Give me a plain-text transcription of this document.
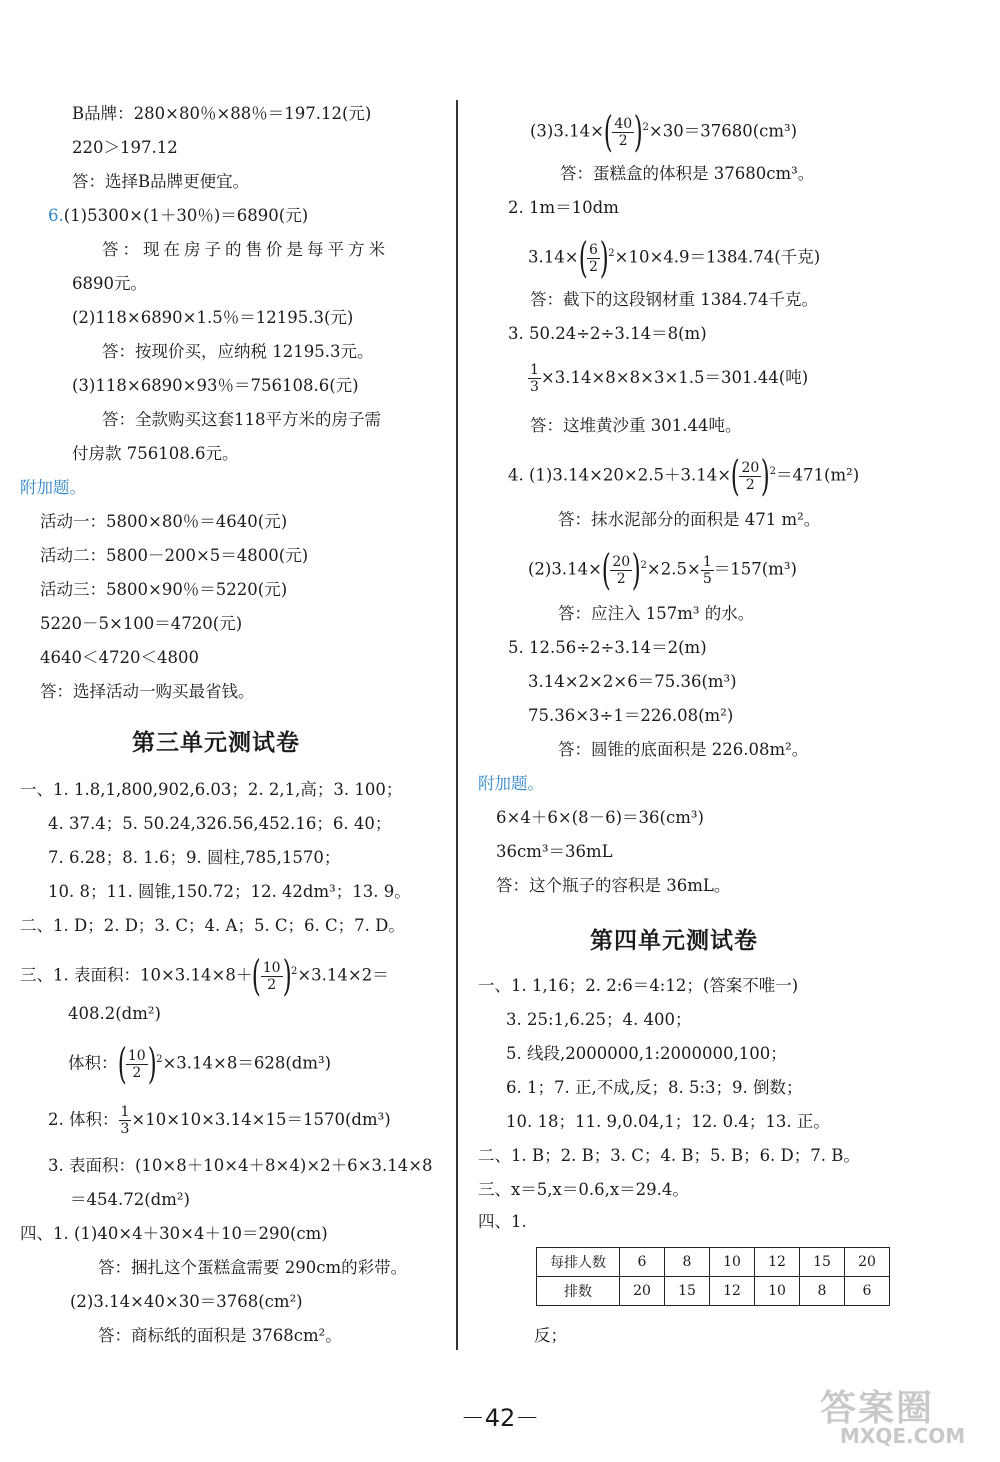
B品牌：280×80％×88％＝197.12(元)
220＞197.12
答：选择B品牌更便宜。
6.(1)5300×(1＋30％)＝6890(元)
答：现在房子的售价是每平方米
6890元。
(2)118×6890×1.5％＝12195.3(元)
答：按现价买，应纳税 12195.3元。
(3)118×6890×93％＝756108.6(元)
答：全款购买这套118平方米的房子需
付房款 756108.6元。
附加题。
活动一：5800×80％＝4640(元)
活动二：5800－200×5＝4800(元)
活动三：5800×90％＝5220(元)
5220－5×100＝4720(元)
4640＜4720＜4800
答：选择活动一购买最省钱。
第三单元测试卷
一、1. 1.8,1,800,902,6.03；2. 2,1,高；3. 100；
4. 37.4；5. 50.24,326.56,452.16；6. 40；
7. 6.28；8. 1.6；9. 圆柱,785,1570；
10. 8；11. 圆锥,150.72；12. 42dm³；13. 9。
二、1. D；2. D；3. C；4. A；5. C；6. C；7. D。
三、1. 表面积：$10\times 3.14\times 8+( \frac{10}{2} )^2\times 3.14\times 2=$
408.2(dm²)
体积：( $\frac{10}{2} )^2\times 3.14\times 8=628(dm^3)$
2. 体积： $\frac{1}{3} \times 10\times 10\times 3.14\times 15=1570(dm^3)$
3. 表面积：(10×8＋10×4＋8×4)×2＋6×3.14×8
＝454.72(dm²)
四、1. (1)40×4＋30×4＋10＝290(cm)
答：捆扎这个蛋糕盒需要 290cm的彩带。
(2)3.14×40×30＝3768(cm²)
答：商标纸的面积是 3768cm²。
$(3)3.14\times( \frac{40}{2} )^2\times 30=37680(cm^3)$
答：蛋糕盒的体积是 37680cm³。
2. 1m＝10dm
$3.14\times( \frac{6}{2} )^2\times 10\times 4.9=1384.74$(千克)
答：截下的这段钢材重 1384.74千克。
3. 50.24÷2÷3.14＝8(m)
$\frac{1}{3} \times 3.14\times 8\times 8\times 3\times 1.5=301.44$(吨)
答：这堆黄沙重 301.44吨。
4. $(1)3.14\times 20\times 2.5+3.14\times( \frac{20}{2} )^2=471(m^2)$
答：抹水泥部分的面积是 471 m²。
$(2)3.14\times( \frac{20}{2} )^2\times 2.5\times \frac{1}{5} =157(m^3)$
答：应注入 157m³ 的水。
5. 12.56÷2÷3.14＝2(m)
3.14×2×2×6＝75.36(m³)
75.36×3÷1＝226.08(m²)
答：圆锥的底面积是 226.08m²。
附加题。
6×4＋6×(8－6)＝36(cm³)
36cm³＝36mL
答：这个瓶子的容积是 36mL。
第四单元测试卷
一、1. 1,16；2. 2:6＝4:12；(答案不唯一)
3. 25:1,6.25；4. 400；
5. 线段,2000000,1:2000000,100；
6. 1；7. 正,不成,反；8. 5:3；9. 倒数；
10. 18；11. 9,0.04,1；12. 0.4；13. 正。
二、1. B；2. B；3. C；4. B；5. B；6. D；7. B。
三、x＝5,x＝0.6,x＝29.4。
四、1.
反；
每排人数	6	8	10	12	15	20
排数	20	15	12	10	8	6
－42－	答案圈
MXQE.COM
